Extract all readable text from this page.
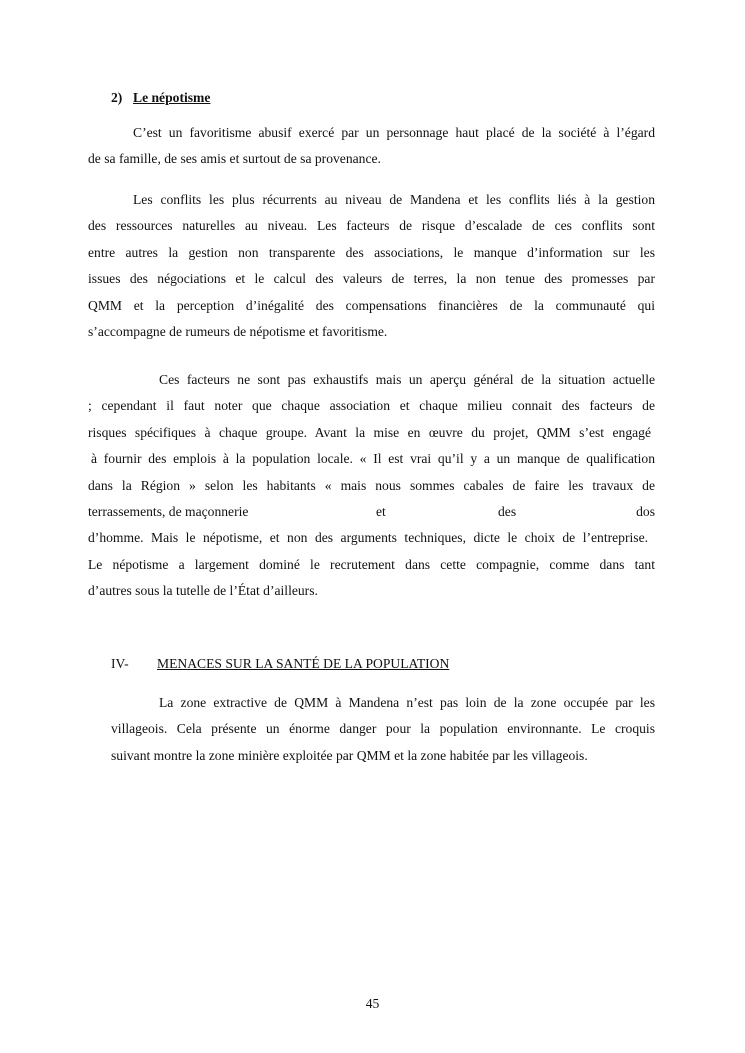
2) Le népotisme
C’est un favoritisme abusif exercé par un personnage haut placé de la société à l’égard
de sa famille, de ses amis et surtout de sa provenance.
Les conflits les plus récurrents au niveau de Mandena et les conflits liés à la gestion
des ressources naturelles au niveau. Les facteurs de risque d’escalade de ces conflits sont
entre autres la gestion non transparente des associations, le manque d’information sur les
issues des négociations et le calcul des valeurs de terres, la non tenue des promesses par
QMM et la perception d’inégalité des compensations financières de la communauté qui
s’accompagne de rumeurs de népotisme et favoritisme.
Ces facteurs ne sont pas exhaustifs mais un aperçu général de la situation actuelle
; cependant il faut noter que chaque association et chaque milieu connait des facteurs de
risques spécifiques à chaque groupe. Avant la mise en œuvre du projet, QMM s’est engagé
à fournir des emplois à la population locale. « Il est vrai qu’il y a un manque de qualification
dans la Région » selon les habitants « mais nous sommes cabales de faire les travaux de
terrassements, de maçonnerie	et	des	dos
d’homme. Mais le népotisme, et non des arguments techniques, dicte le choix de l’entreprise.
Le népotisme a largement dominé le recrutement dans cette compagnie, comme dans tant
d’autres sous la tutelle de l’État d’ailleurs.
IV- MENACES SUR LA SANTÉ DE LA POPULATION
La zone extractive de QMM à Mandena n’est pas loin de la zone occupée par les
villageois. Cela présente un énorme danger pour la population environnante. Le croquis
suivant montre la zone minière exploitée par QMM et la zone habitée par les villageois.
45
